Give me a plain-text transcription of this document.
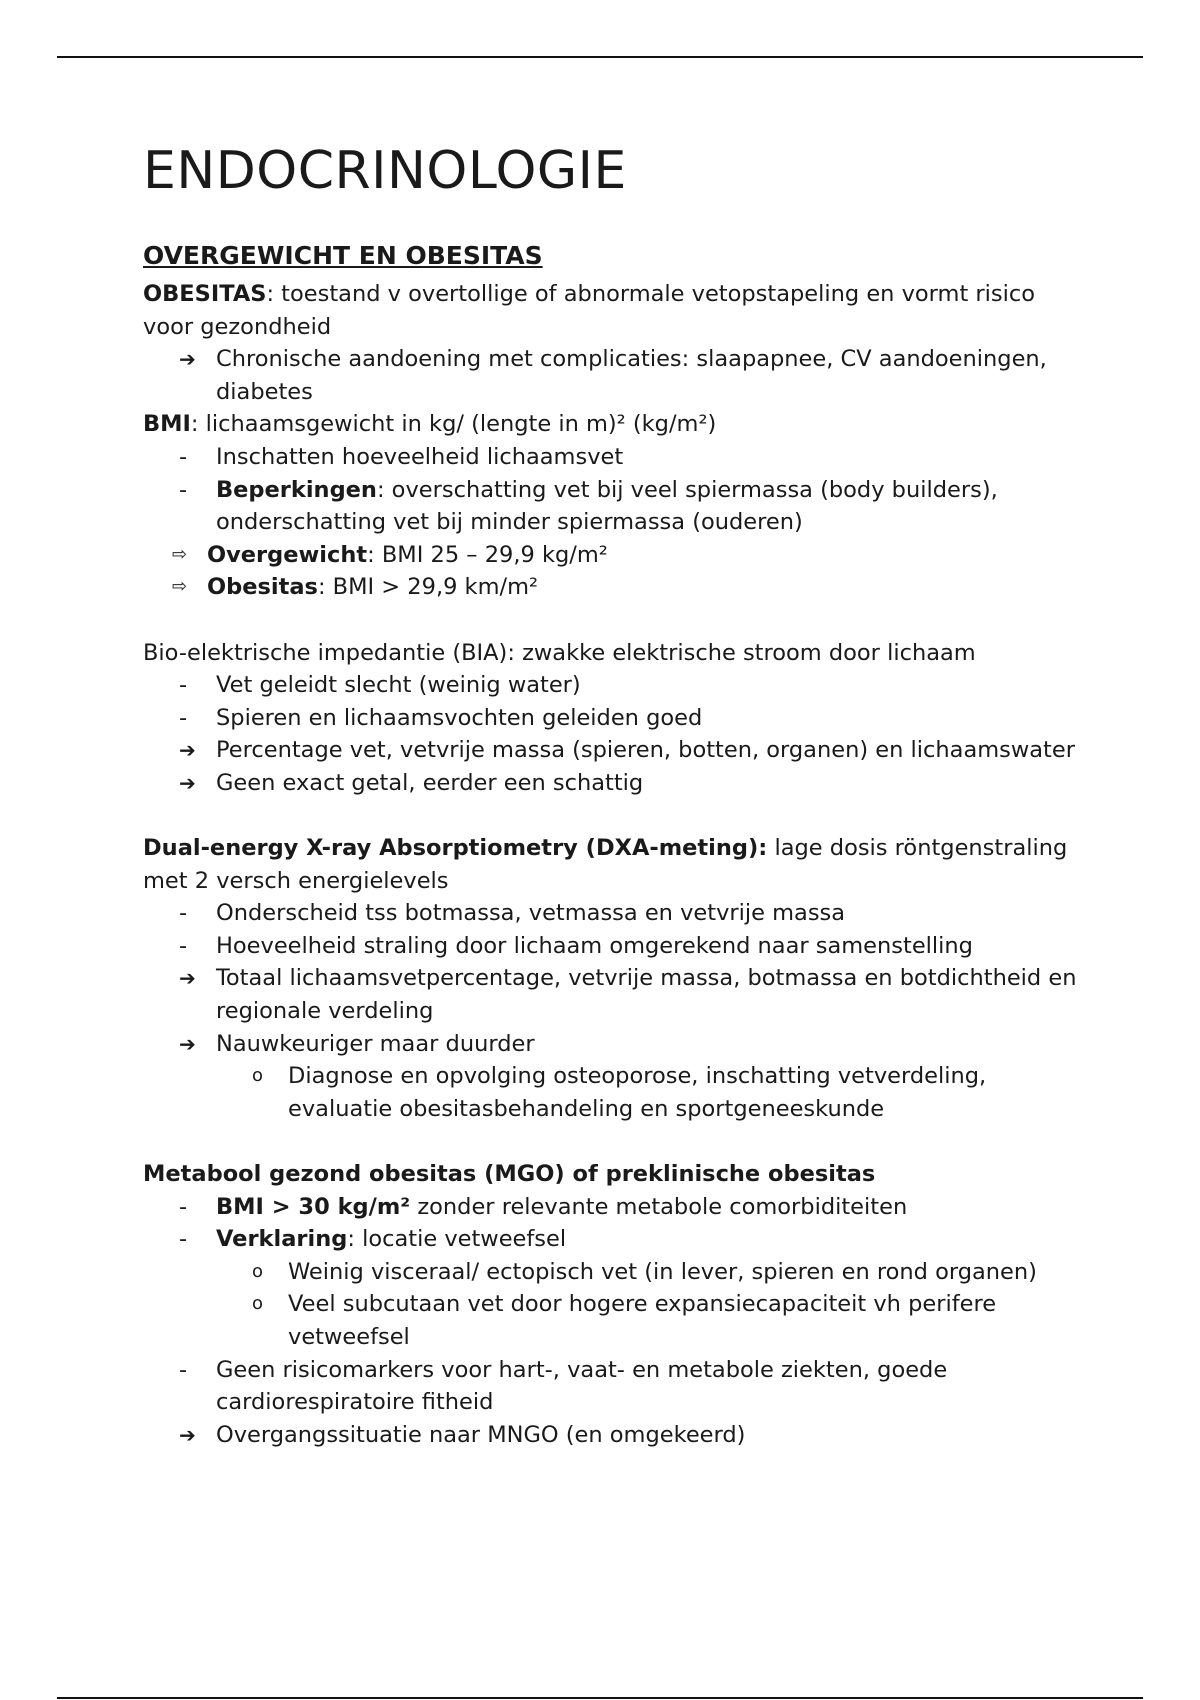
ENDOCRINOLOGIE
OVERGEWICHT EN OBESITAS

OBESITAS: toestand v overtollige of abnormale vetopstapeling en vormt risico voor gezondheid

➔ Chronische aandoening met complicaties: slaapapnee, CV aandoeningen, diabetes

BMI: lichaamsgewicht in kg/ (lengte in m)² (kg/m²)

- Inschatten hoeveelheid lichaamsvet
- Beperkingen: overschatting vet bij veel spiermassa (body builders), onderschatting vet bij minder spiermassa (ouderen)
⇨ Overgewicht: BMI 25 – 29,9 kg/m²
⇨ Obesitas: BMI > 29,9 km/m²

Bio-elektrische impedantie (BIA): zwakke elektrische stroom door lichaam

- Vet geleidt slecht (weinig water)
- Spieren en lichaamsvochten geleiden goed
➔ Percentage vet, vetvrije massa (spieren, botten, organen) en lichaamswater
➔ Geen exact getal, eerder een schattig

Dual-energy X-ray Absorptiometry (DXA-meting): lage dosis röntgenstraling met 2 versch energielevels

- Onderscheid tss botmassa, vetmassa en vetvrije massa
- Hoeveelheid straling door lichaam omgerekend naar samenstelling
➔ Totaal lichaamsvetpercentage, vetvrije massa, botmassa en botdichtheid en regionale verdeling
➔ Nauwkeuriger maar duurder
o Diagnose en opvolging osteoporose, inschatting vetverdeling, evaluatie obesitasbehandeling en sportgeneeskunde

Metabool gezond obesitas (MGO) of preklinische obesitas

- BMI > 30 kg/m² zonder relevante metabole comorbiditeiten
- Verklaring: locatie vetweefsel
o Weinig visceraal/ ectopisch vet (in lever, spieren en rond organen)
o Veel subcutaan vet door hogere expansiecapaciteit vh perifere vetweefsel
- Geen risicomarkers voor hart-, vaat- en metabole ziekten, goede cardiorespiratoire fitheid
➔ Overgangssituatie naar MNGO (en omgekeerd)
